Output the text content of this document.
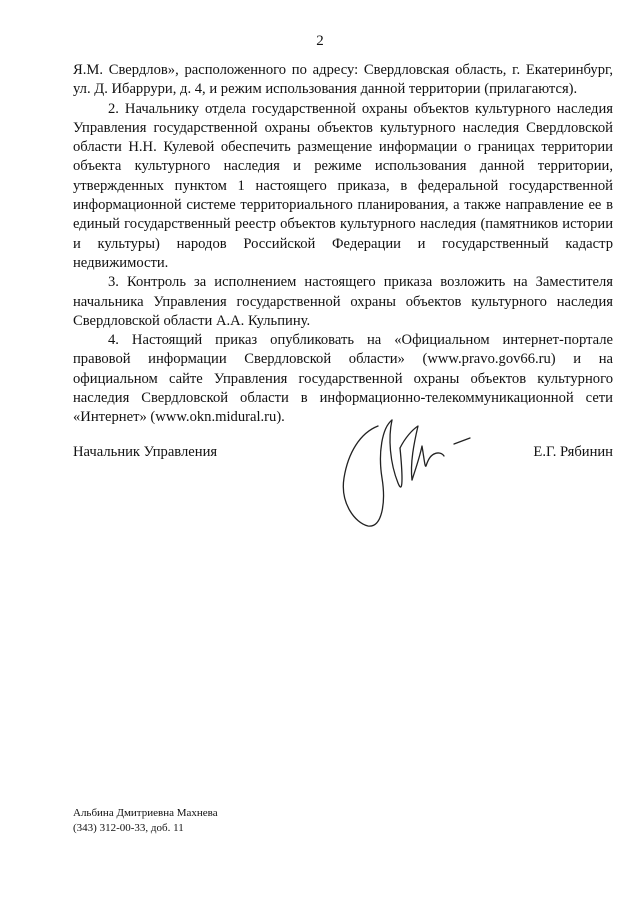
2

Я.М. Свердлов», расположенного по адресу: Свердловская область, г. Екатеринбург, ул. Д. Ибаррури, д. 4, и режим использования данной территории (прилагаются).

2. Начальнику отдела государственной охраны объектов культурного наследия Управления государственной охраны объектов культурного наследия Свердловской области Н.Н. Кулевой обеспечить размещение информации о границах территории объекта культурного наследия и режиме использования данной территории, утвержденных пунктом 1 настоящего приказа, в федеральной государственной информационной системе территориального планирования, а также направление ее в единый государственный реестр объектов культурного наследия (памятников истории и культуры) народов Российской Федерации и государственный кадастр недвижимости.

3. Контроль за исполнением настоящего приказа возложить на Заместителя начальника Управления государственной охраны объектов культурного наследия Свердловской области А.А. Кульпину.

4. Настоящий приказ опубликовать на «Официальном интернет-портале правовой информации Свердловской области» (www.pravo.gov66.ru) и на официальном сайте Управления государственной охраны объектов культурного наследия Свердловской области в информационно-телекоммуникационной сети «Интернет» (www.okn.midural.ru).

Начальник Управления	Е.Г. Рябинин
Альбина Дмитриевна Махнева
(343) 312-00-33, доб. 11
